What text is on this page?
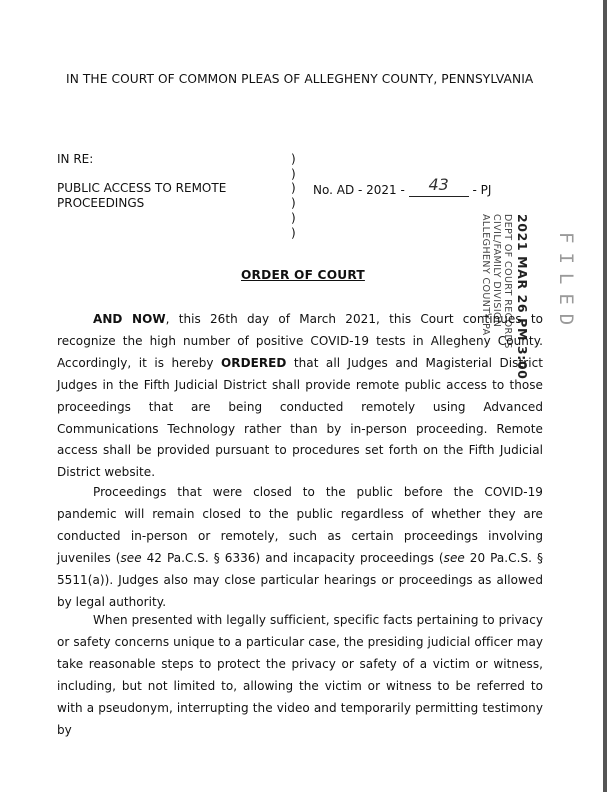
IN THE COURT OF COMMON PLEAS OF ALLEGHENY COUNTY, PENNSYLVANIA
IN RE:
PUBLIC ACCESS TO REMOTE
PROCEEDINGS
)
)
)
)
)
)
No. AD - 2021 -	43	- PJ
2021 MAR 26 PM 3:00
DEPT OF COURT RECORDS
CIVIL/FAMILY DIVISION
ALLEGHENY COUNTY PA	FILED
ORDER OF COURT
AND NOW, this 26th day of March 2021, this Court continues to recognize the high number of positive COVID-19 tests in Allegheny County. Accordingly, it is hereby ORDERED that all Judges and Magisterial District Judges in the Fifth Judicial District shall provide remote public access to those proceedings that are being conducted remotely using Advanced Communications Technology rather than by in-person proceeding. Remote access shall be provided pursuant to procedures set forth on the Fifth Judicial District website.
Proceedings that were closed to the public before the COVID-19 pandemic will remain closed to the public regardless of whether they are conducted in-person or remotely, such as certain proceedings involving juveniles (see 42 Pa.C.S. § 6336) and incapacity proceedings (see 20 Pa.C.S. § 5511(a)). Judges also may close particular hearings or proceedings as allowed by legal authority.
When presented with legally sufficient, specific facts pertaining to privacy or safety concerns unique to a particular case, the presiding judicial officer may take reasonable steps to protect the privacy or safety of a victim or witness, including, but not limited to, allowing the victim or witness to be referred to with a pseudonym, interrupting the video and temporarily permitting testimony by
